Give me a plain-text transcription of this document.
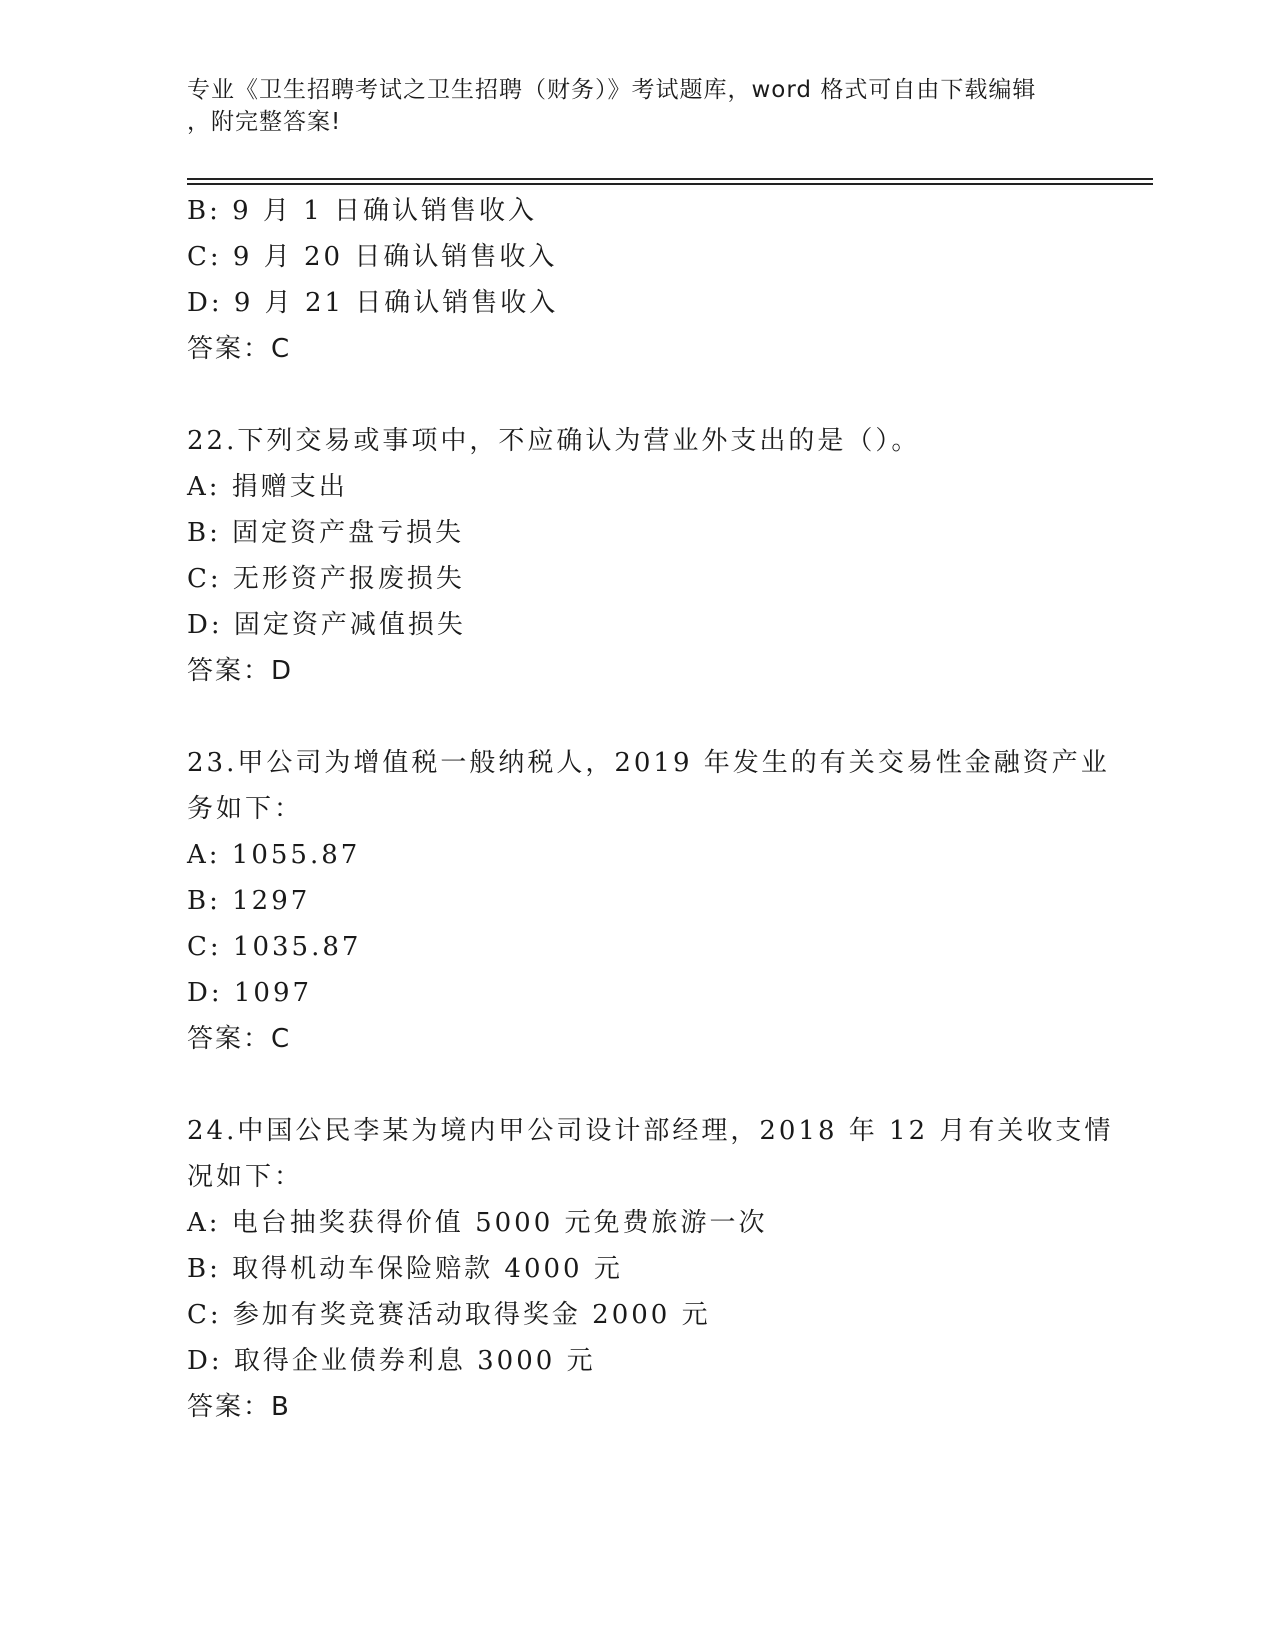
专业《卫生招聘考试之卫生招聘（财务）》考试题库，word 格式可自由下载编辑
，附完整答案!
B: 9 月 1 日确认销售收入
C: 9 月 20 日确认销售收入
D: 9 月 21 日确认销售收入
答案：C
22.下列交易或事项中，不应确认为营业外支出的是（）。
A: 捐赠支出
B: 固定资产盘亏损失
C: 无形资产报废损失
D: 固定资产减值损失
答案：D
23.甲公司为增值税一般纳税人，2019 年发生的有关交易性金融资产业
务如下：
A: 1055.87
B: 1297
C: 1035.87
D: 1097
答案：C
24.中国公民李某为境内甲公司设计部经理，2018 年 12 月有关收支情
况如下：
A: 电台抽奖获得价值 5000 元免费旅游一次
B: 取得机动车保险赔款 4000 元
C: 参加有奖竞赛活动取得奖金 2000 元
D: 取得企业债券利息 3000 元
答案：B
